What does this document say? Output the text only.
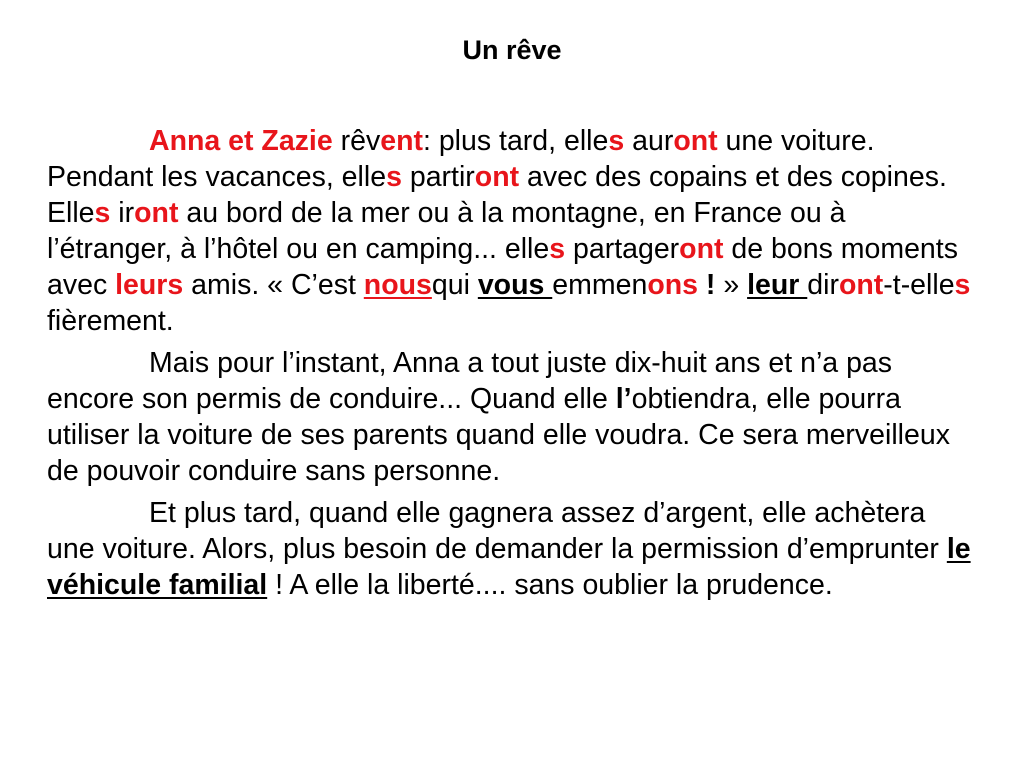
Un rêve

Anna et Zazie rêvent: plus tard, elles auront une voiture. Pendant les vacances, elles partiront avec des copains et des copines. Elles iront au bord de la mer ou à la montagne, en France ou à l’étranger, à l’hôtel ou en camping... elles partageront de bons moments avec leurs amis. « C’est nousqui vous emmenons ! » leur diront-t-elles fièrement.

Mais pour l’instant, Anna a tout juste dix-huit ans et n’a pas encore son permis de conduire... Quand elle l’obtiendra, elle pourra utiliser la voiture de ses parents quand elle voudra. Ce sera merveilleux de pouvoir conduire sans personne.

Et plus tard, quand elle gagnera assez d’argent, elle achètera une voiture. Alors, plus besoin de demander la permission d’emprunter le véhicule familial ! A elle la liberté.... sans oublier la prudence.
